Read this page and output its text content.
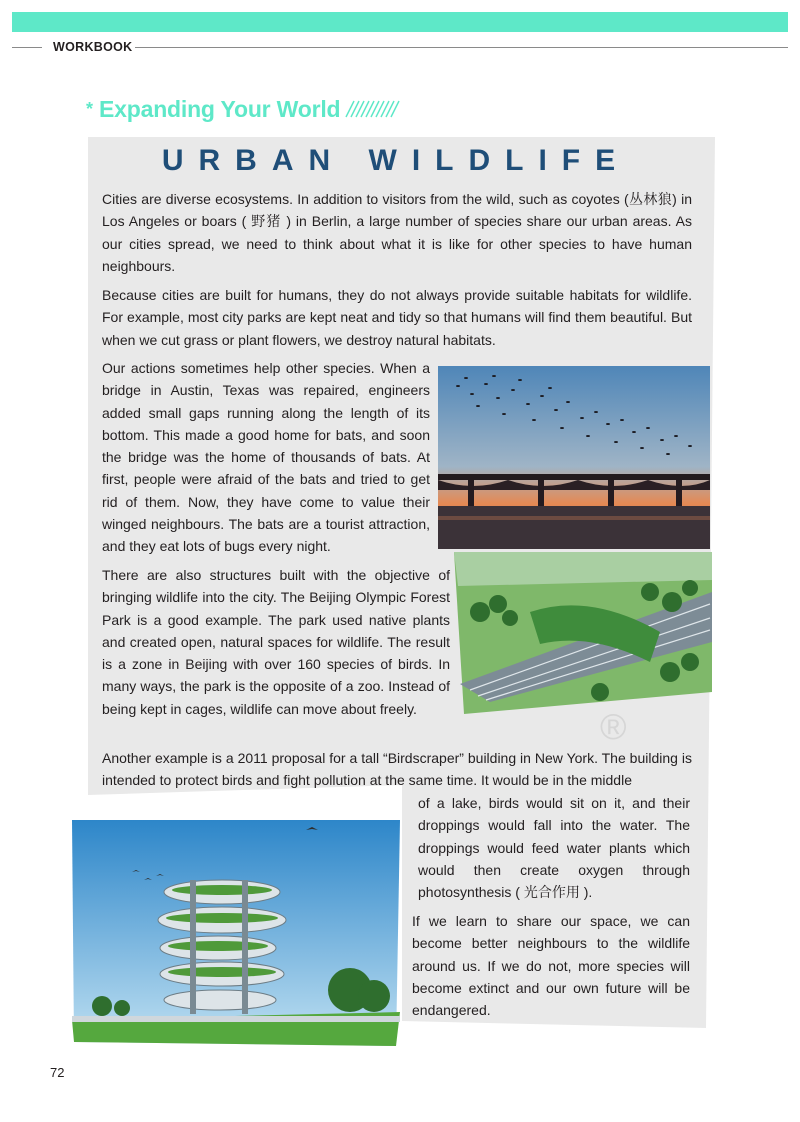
WORKBOOK
* Expanding Your World
URBAN WILDLIFE

Cities are diverse ecosystems. In addition to visitors from the wild, such as coyotes (丛林狼) in Los Angeles or boars ( 野猪 ) in Berlin, a large number of species share our urban areas. As our cities spread, we need to think about what it is like for other species to have human neighbours.

Because cities are built for humans, they do not always provide suitable habitats for wildlife. For example, most city parks are kept neat and tidy so that humans will find them beautiful. But when we cut grass or plant flowers, we destroy natural habitats.

Our actions sometimes help other species. When a bridge in Austin, Texas was repaired, engineers added small gaps running along the length of its bottom. This made a good home for bats, and soon the bridge was the home of thousands of bats. At first, people were afraid of the bats and tried to get rid of them. Now, they have come to value their winged neighbours. The bats are a tourist attraction, and they eat lots of bugs every night.

There are also structures built with the objective of bringing wildlife into the city. The Beijing Olympic Forest Park is a good example. The park used native plants and created open, natural spaces for wildlife. The result is a zone in Beijing with over 160 species of birds. In many ways, the park is the opposite of a zoo. Instead of being kept in cages, wildlife can move about freely.

Another example is a 2011 proposal for a tall “Birdscraper” building in New York. The building is intended to protect birds and fight pollution at the same time. It would be in the middle

of a lake, birds would sit on it, and their droppings would fall into the water. The droppings would feed water plants which would then create oxygen through photosynthesis ( 光合作用 ).

If we learn to share our space, we can become better neighbours to the wildlife around us. If we do not, more species will become extinct and our own future will be endangered.

®
72
